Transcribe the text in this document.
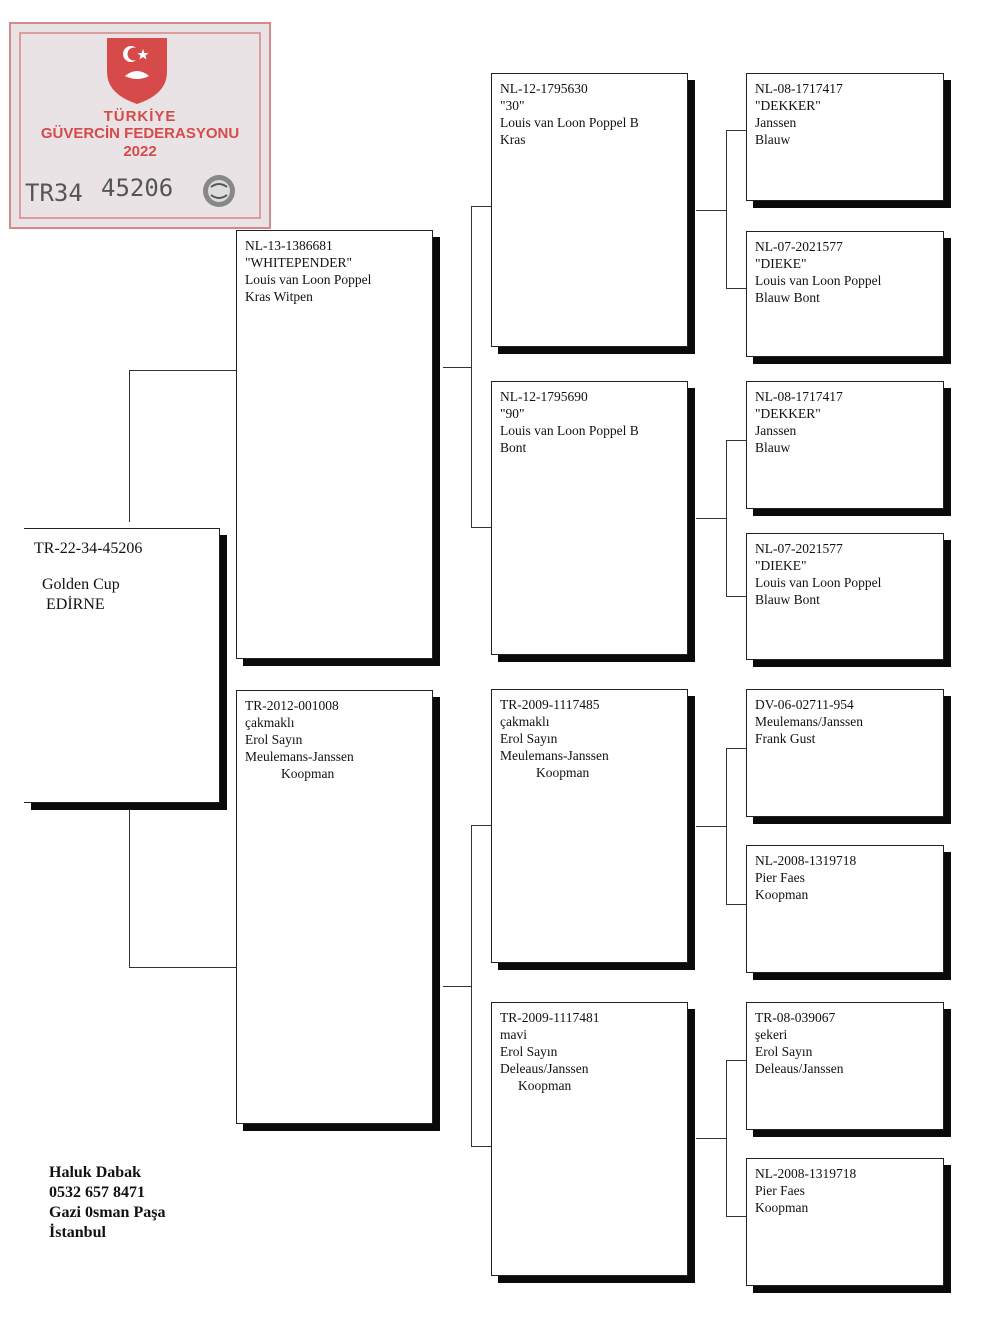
TÜRKİYE
GÜVERCİN FEDERASYONU
2022
TR34 45206
TR-22-34-45206
Golden Cup
EDİRNE
NL-13-1386681
"WHITEPENDER"
Louis van Loon Poppel
Kras Witpen
TR-2012-001008
çakmaklı
Erol Sayın
Meulemans-Janssen
Koopman
NL-12-1795630
"30"
Louis van Loon Poppel B
Kras
NL-12-1795690
"90"
Louis van Loon Poppel B
Bont
TR-2009-1117485
çakmaklı
Erol Sayın
Meulemans-Janssen
Koopman
TR-2009-1117481
mavi
Erol Sayın
Deleaus/Janssen
Koopman
NL-08-1717417
"DEKKER"
Janssen
Blauw
NL-07-2021577
"DIEKE"
Louis van Loon Poppel
Blauw Bont
NL-08-1717417
"DEKKER"
Janssen
Blauw
NL-07-2021577
"DIEKE"
Louis van Loon Poppel
Blauw Bont
DV-06-02711-954
Meulemans/Janssen
Frank Gust
NL-2008-1319718
Pier Faes
Koopman
TR-08-039067
şekeri
Erol Sayın
Deleaus/Janssen
NL-2008-1319718
Pier Faes
Koopman
Haluk Dabak
0532 657 8471
Gazi 0sman Paşa
İstanbul
